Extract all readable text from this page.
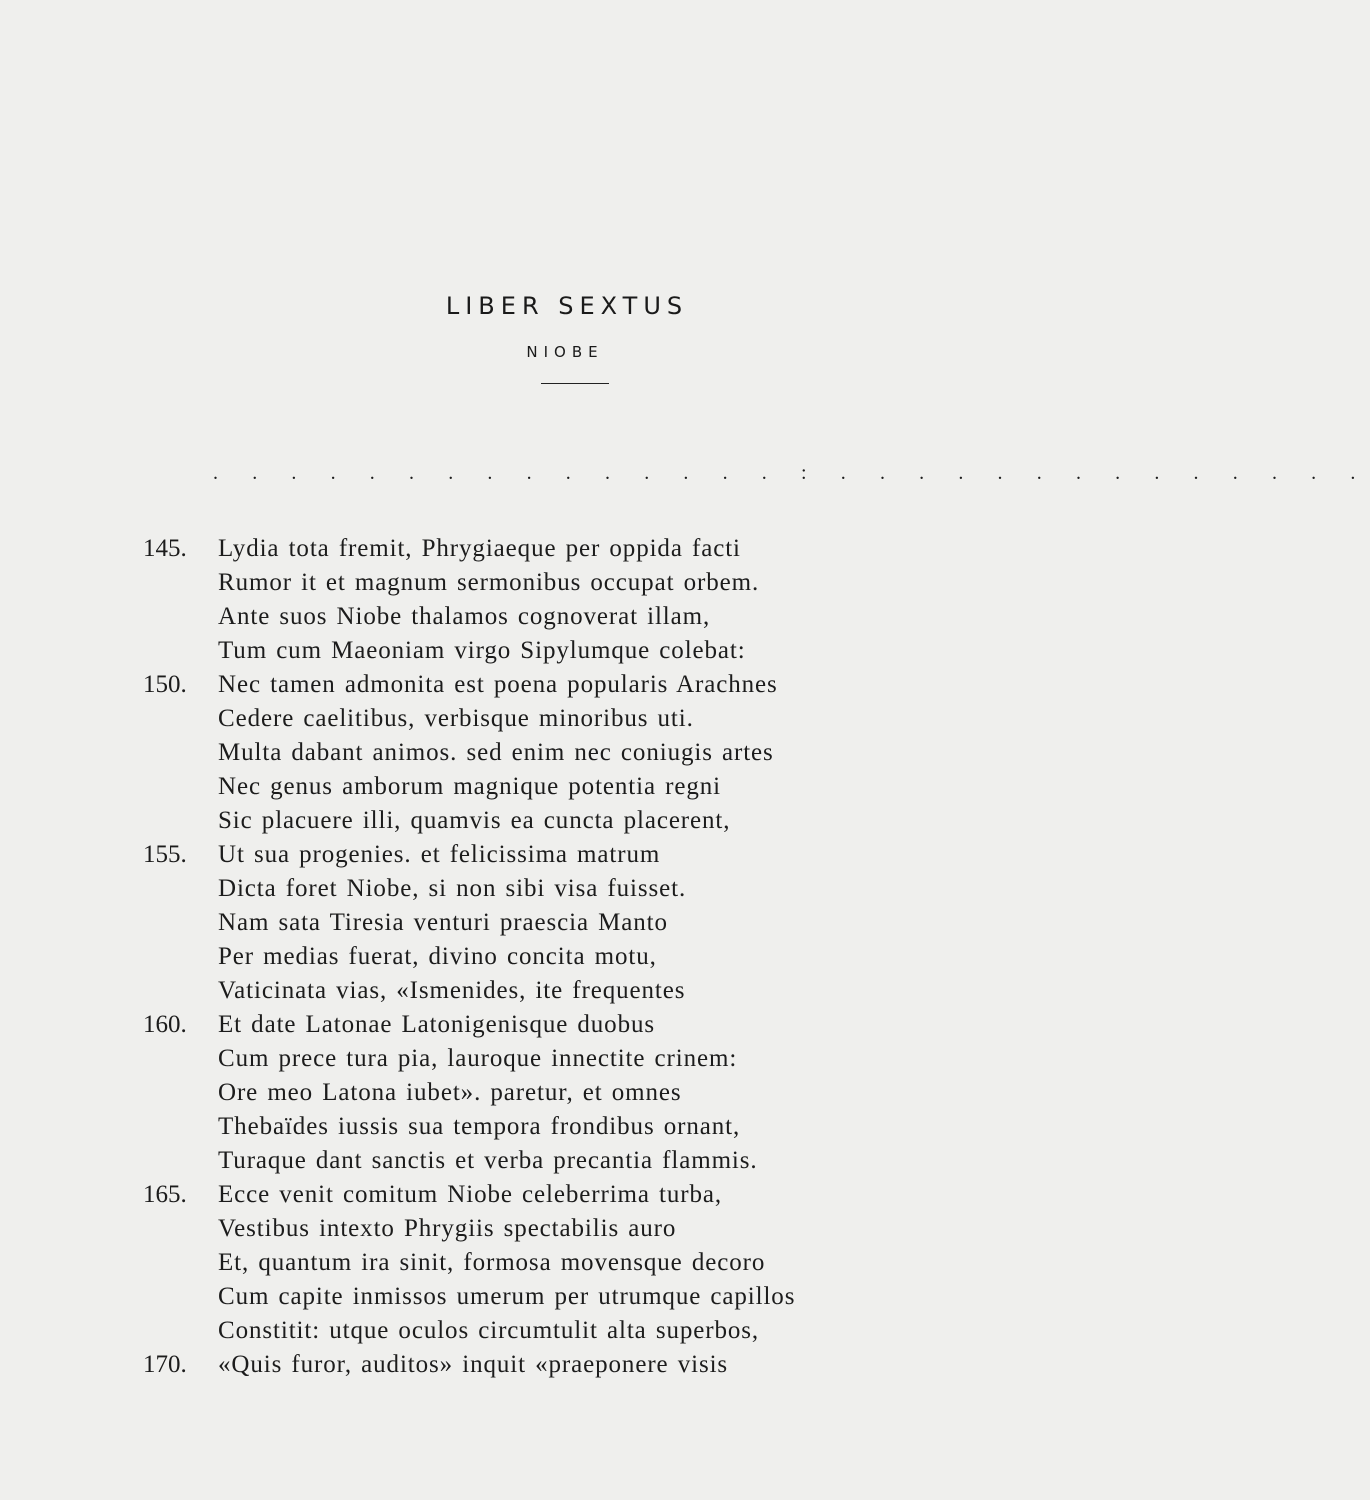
LIBER SEXTUS
NIOBE
. . . . . . . . . . . . . . . : . . . . . . . . . . . . . .
145. Lydia tota fremit, Phrygiaeque per oppida facti
Rumor it et magnum sermonibus occupat orbem.
Ante suos Niobe thalamos cognoverat illam,
Tum cum Maeoniam virgo Sipylumque colebat:
150. Nec tamen admonita est poena popularis Arachnes
Cedere caelitibus, verbisque minoribus uti.
Multa dabant animos. sed enim nec coniugis artes
Nec genus amborum magnique potentia regni
Sic placuere illi, quamvis ea cuncta placerent,
155. Ut sua progenies. et felicissima matrum
Dicta foret Niobe, si non sibi visa fuisset.
Nam sata Tiresia venturi praescia Manto
Per medias fuerat, divino concita motu,
Vaticinata vias, «Ismenides, ite frequentes
160. Et date Latonae Latonigenisque duobus
Cum prece tura pia, lauroque innectite crinem:
Ore meo Latona iubet». paretur, et omnes
Thebaïdes iussis sua tempora frondibus ornant,
Turaque dant sanctis et verba precantia flammis.
165. Ecce venit comitum Niobe celeberrima turba,
Vestibus intexto Phrygiis spectabilis auro
Et, quantum ira sinit, formosa movensque decoro
Cum capite inmissos umerum per utrumque capillos
Constitit: utque oculos circumtulit alta superbos,
170. «Quis furor, auditos» inquit «praeponere visis
